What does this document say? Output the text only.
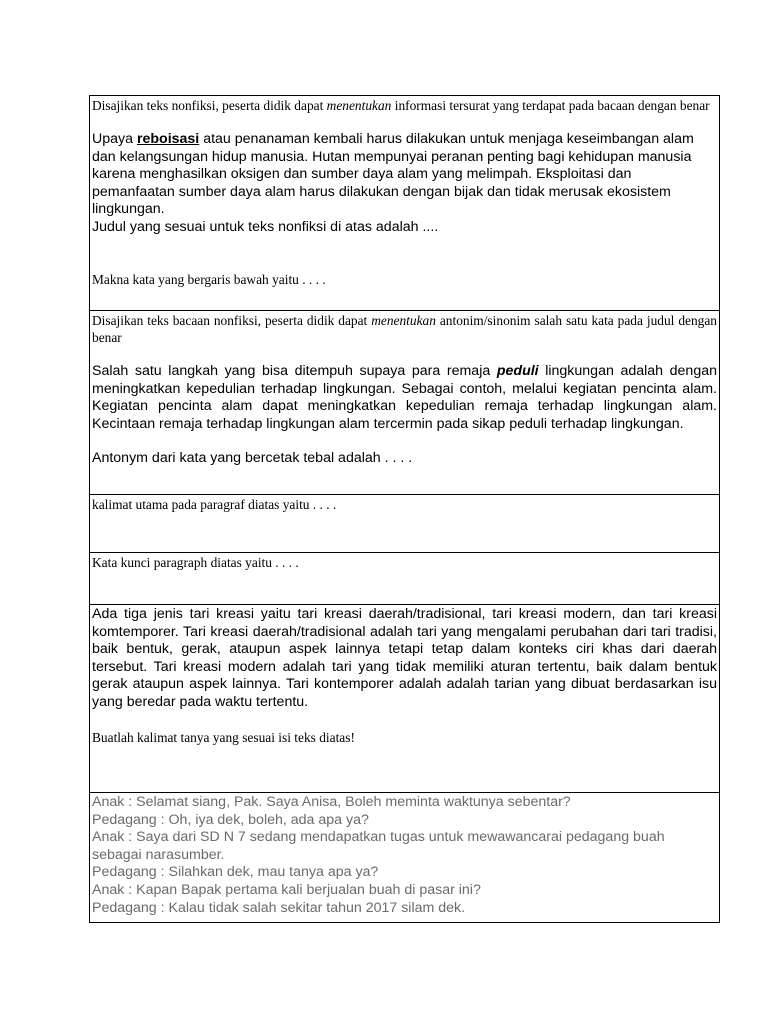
Disajikan teks nonfiksi, peserta didik dapat menentukan informasi tersurat yang terdapat pada bacaan dengan benar

Upaya reboisasi atau penanaman kembali harus dilakukan untuk menjaga keseimbangan alam dan kelangsungan hidup manusia. Hutan mempunyai peranan penting bagi kehidupan manusia karena menghasilkan oksigen dan sumber daya alam yang melimpah. Eksploitasi dan pemanfaatan sumber daya alam harus dilakukan dengan bijak dan tidak merusak ekosistem lingkungan.

Judul yang sesuai untuk teks nonfiksi di atas adalah ....

Makna kata yang bergaris bawah yaitu . . . .

Disajikan teks bacaan nonfiksi, peserta didik dapat menentukan antonim/sinonim salah satu kata pada judul dengan benar

Salah satu langkah yang bisa ditempuh supaya para remaja peduli lingkungan adalah dengan meningkatkan kepedulian terhadap lingkungan. Sebagai contoh, melalui kegiatan pencinta alam. Kegiatan pencinta alam dapat meningkatkan kepedulian remaja terhadap lingkungan alam. Kecintaan remaja terhadap lingkungan alam tercermin pada sikap peduli terhadap lingkungan.

Antonym dari kata yang bercetak tebal adalah . . . .

kalimat utama pada paragraf diatas yaitu . . . .

Kata kunci paragraph diatas yaitu . . . .

Ada tiga jenis tari kreasi yaitu tari kreasi daerah/tradisional, tari kreasi modern, dan tari kreasi komtemporer. Tari kreasi daerah/tradisional adalah tari yang mengalami perubahan dari tari tradisi, baik bentuk, gerak, ataupun aspek lainnya tetapi tetap dalam konteks ciri khas dari daerah tersebut. Tari kreasi modern adalah tari yang tidak memiliki aturan tertentu, baik dalam bentuk gerak ataupun aspek lainnya. Tari kontemporer adalah adalah tarian yang dibuat berdasarkan isu yang beredar pada waktu tertentu.

Buatlah kalimat tanya yang sesuai isi teks diatas!

Anak : Selamat siang, Pak. Saya Anisa, Boleh meminta waktunya sebentar?

Pedagang : Oh, iya dek, boleh, ada apa ya?

Anak : Saya dari SD N 7 sedang mendapatkan tugas untuk mewawancarai pedagang buah sebagai narasumber.

Pedagang : Silahkan dek, mau tanya apa ya?

Anak : Kapan Bapak pertama kali berjualan buah di pasar ini?

Pedagang : Kalau tidak salah sekitar tahun 2017 silam dek.
